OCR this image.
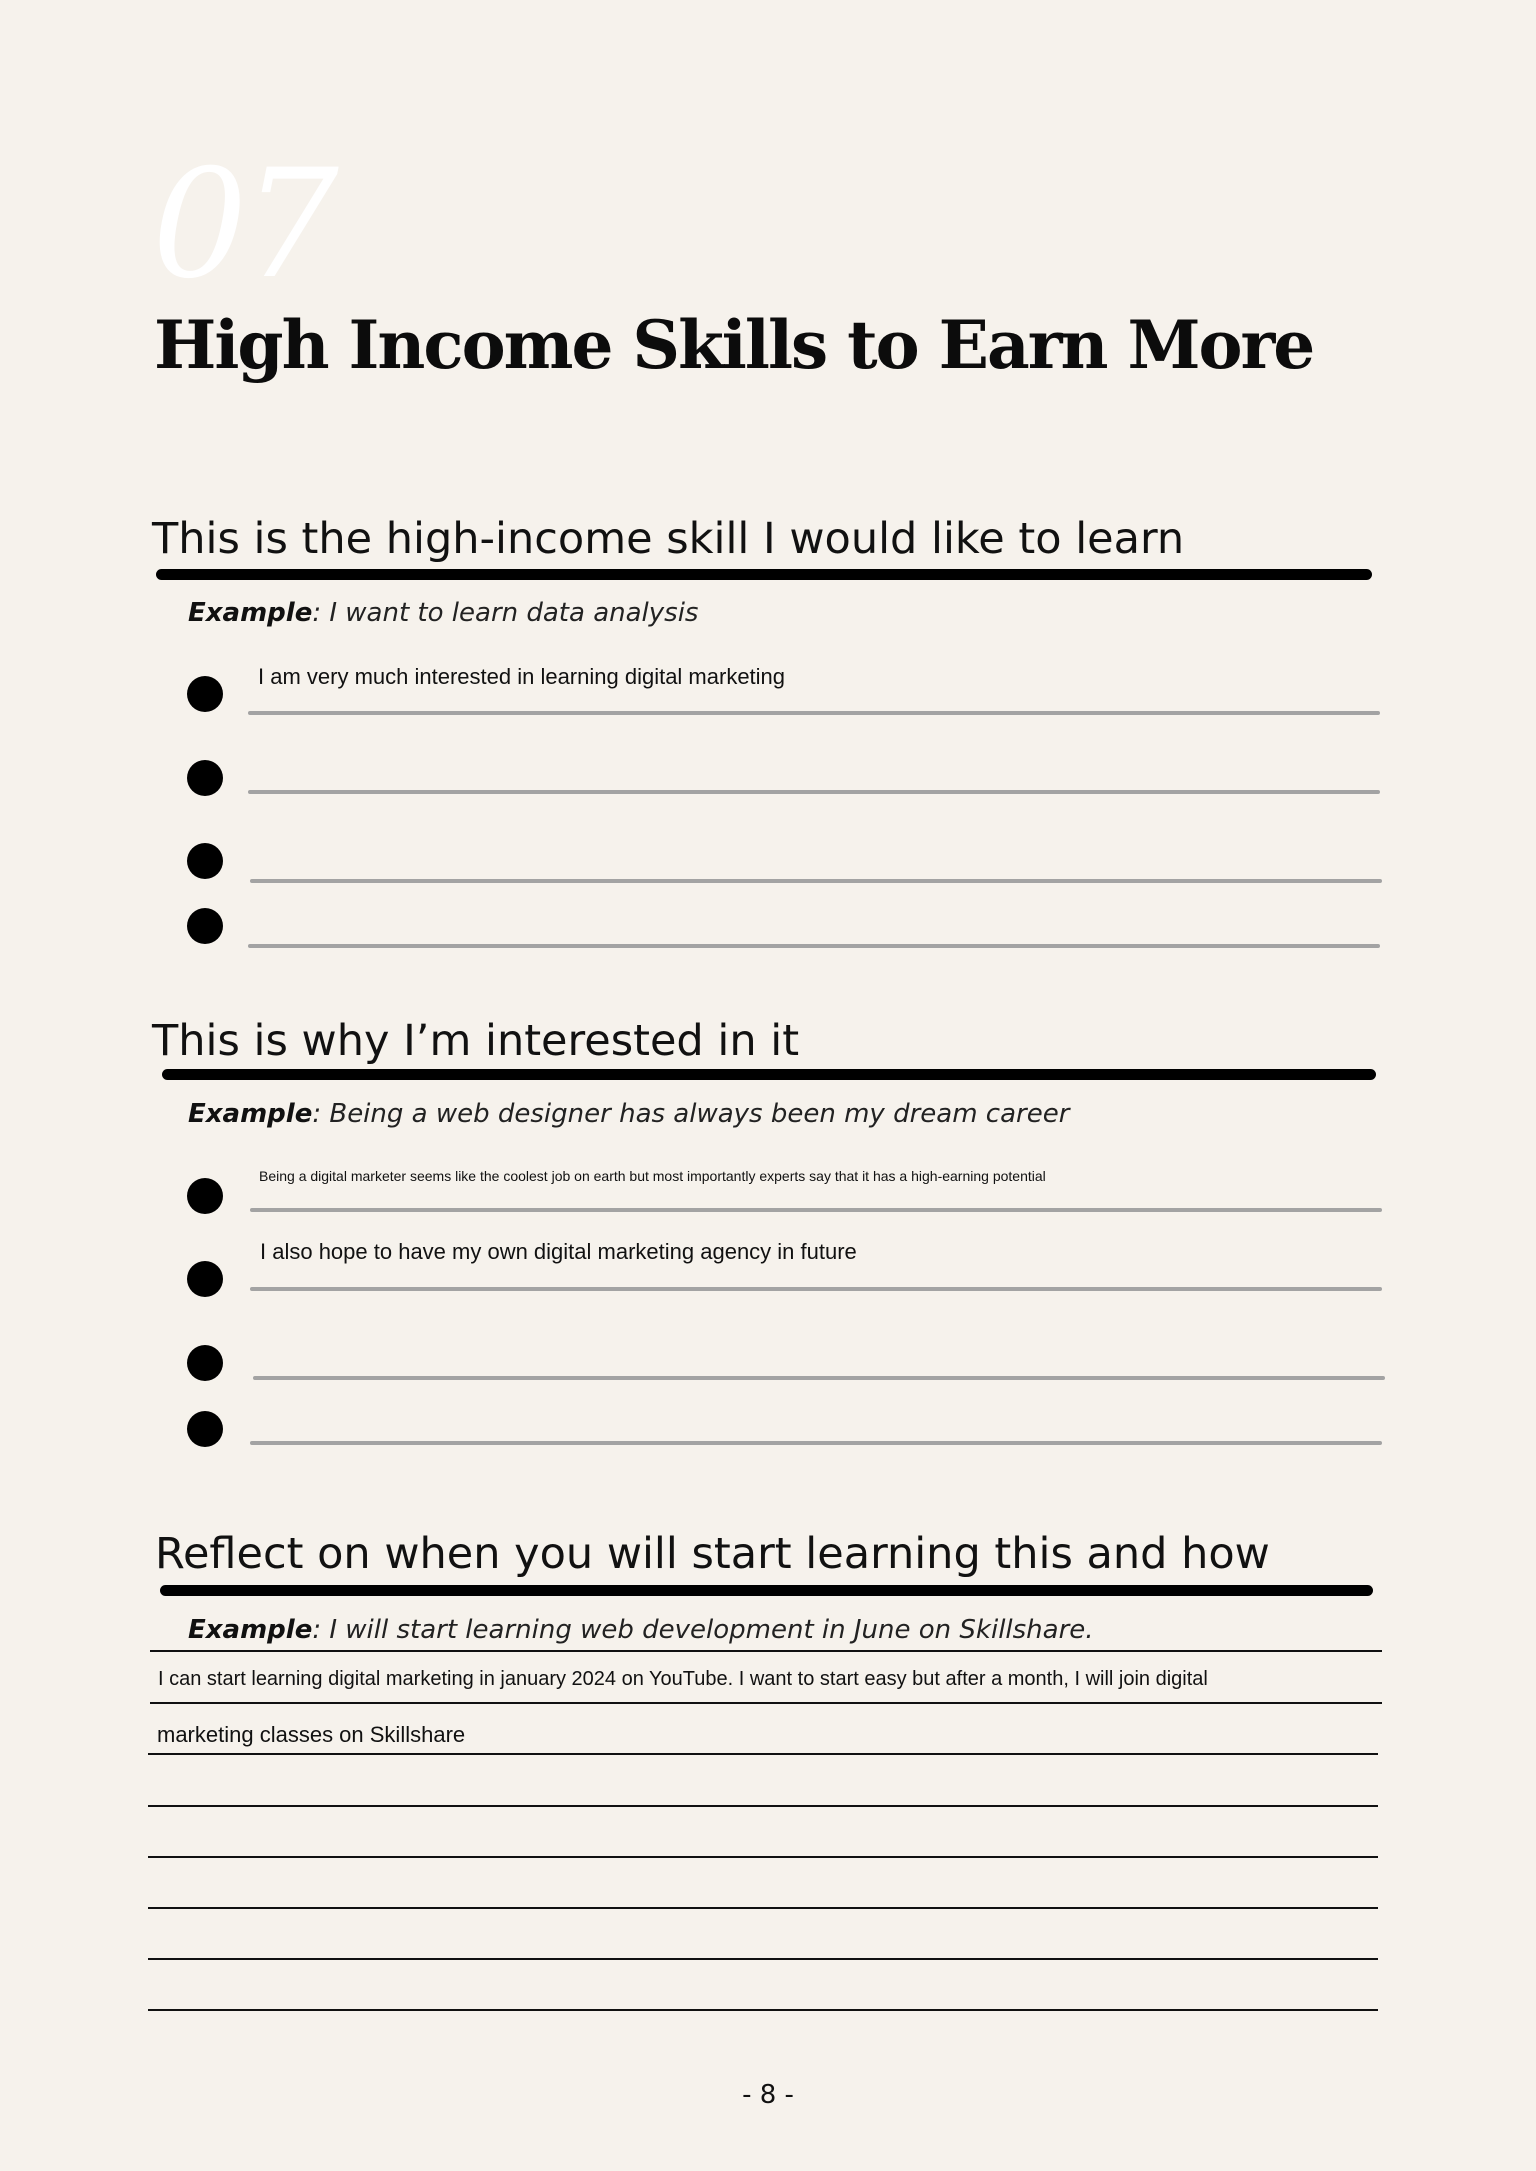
07
High Income Skills to Earn More
This is the high-income skill I would like to learn
Example: I want to learn data analysis
I am very much interested in learning digital marketing
This is why I’m interested in it
Example: Being a web designer has always been my dream career
Being a digital marketer seems like the coolest job on earth but most importantly experts say that it has a high-earning potential
I also hope to have my own digital marketing agency in future
Reflect on when you will start learning this and how
Example: I will start learning web development in June on Skillshare.
I can start learning digital marketing in january 2024 on YouTube. I want to start easy but after a month, I will join digital
marketing classes on Skillshare
- 8 -
